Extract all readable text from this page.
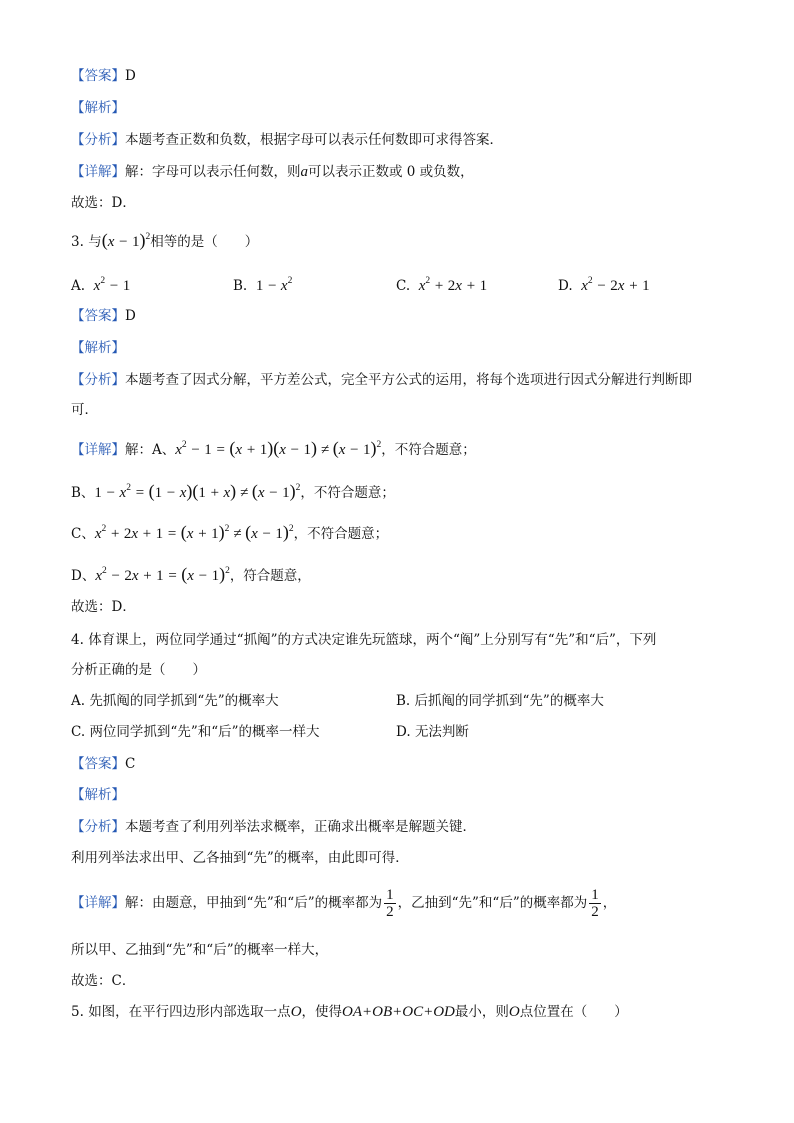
【答案】D
【解析】
【分析】本题考查正数和负数，根据字母可以表示任何数即可求得答案．
【详解】解：字母可以表示任何数，则a可以表示正数或 0 或负数，
故选：D．
3. 与$(x - 1)^2$相等的是（　　）
A. $x^2 - 1$	B. $1 - x^2$	C. $x^2 + 2x + 1$	D. $x^2 - 2x + 1$
【答案】D
【解析】
【分析】本题考查了因式分解，平方差公式，完全平方公式的运用，将每个选项进行因式分解进行判断即
可．
【详解】解：A、$x^2 - 1 = (x + 1)(x - 1) \ne (x - 1)^2$，不符合题意；
B、$1 - x^2 = (1 - x)(1 + x) \ne (x - 1)^2$，不符合题意；
C、$x^2 + 2x + 1 = (x + 1)^2 \ne (x - 1)^2$，不符合题意；
D、$x^2 - 2x + 1 = (x - 1)^2$，符合题意，
故选：D．
4. 体育课上，两位同学通过“抓阄”的方式决定谁先玩篮球，两个“阄”上分别写有“先”和“后”，下列
分析正确的是（　　）
A. 先抓阄的同学抓到“先”的概率大	B. 后抓阄的同学抓到“先”的概率大
C. 两位同学抓到“先”和“后”的概率一样大	D. 无法判断
【答案】C
【解析】
【分析】本题考查了利用列举法求概率，正确求出概率是解题关键．
利用列举法求出甲、乙各抽到“先”的概率，由此即可得．
【详解】解：由题意，甲抽到“先”和“后”的概率都为 $\frac{1}{2}$ ，乙抽到“先”和“后”的概率都为 $\frac{1}{2}$ ，
所以甲、乙抽到“先”和“后”的概率一样大，
故选：C．
5. 如图，在平行四边形内部选取一点O，使得OA+OB+OC+OD最小，则O点位置在（　　）
